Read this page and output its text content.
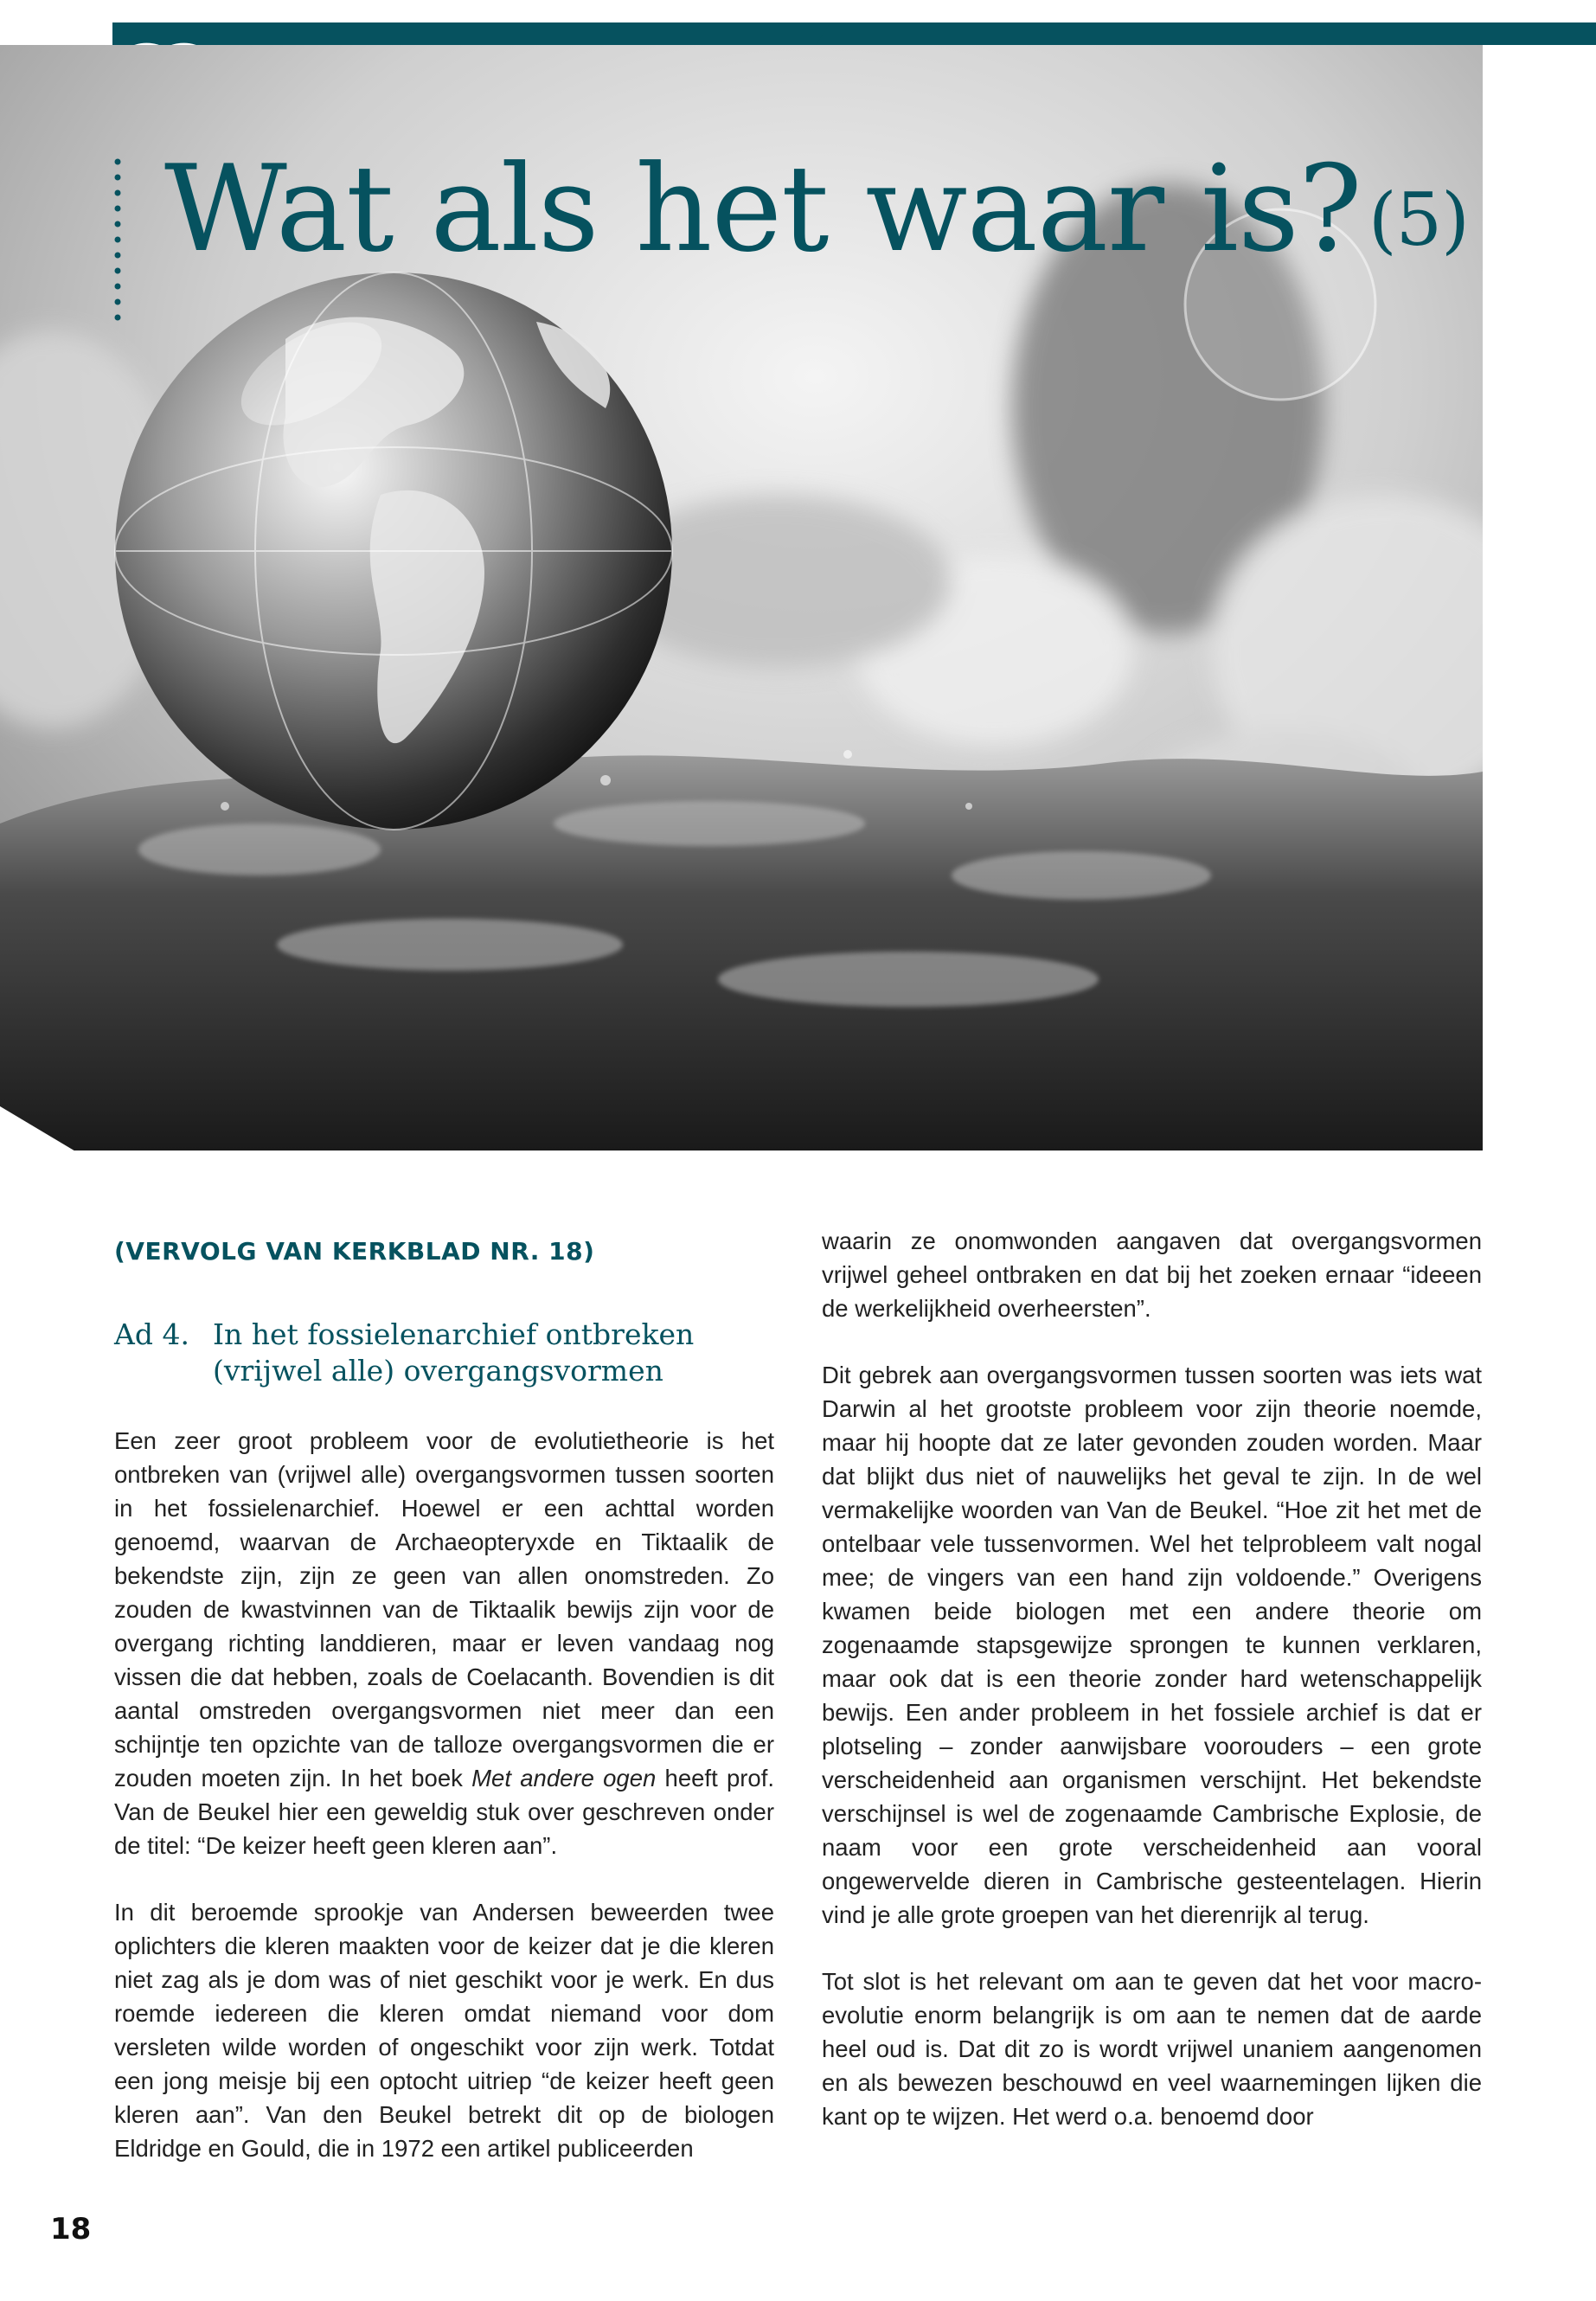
Wat als het waar is?(5)
(VERVOLG VAN KERKBLAD NR. 18)
Ad 4. In het fossielenarchief ontbreken
(vrijwel alle) overgangsvormen

Een zeer groot probleem voor de evolutietheorie is het ontbreken van (vrijwel alle) overgangsvormen tussen soorten in het fossielenarchief. Hoewel er een achttal worden genoemd, waarvan de Archaeopteryxde en Tiktaalik de bekendste zijn, zijn ze geen van allen onomstreden. Zo zouden de kwastvinnen van de Tiktaalik bewijs zijn voor de overgang richting landdieren, maar er leven vandaag nog vissen die dat hebben, zoals de Coelacanth. Bovendien is dit aantal omstreden overgangsvormen niet meer dan een schijntje ten opzichte van de talloze overgangsvormen die er zouden moeten zijn. In het boek Met andere ogen heeft prof. Van de Beukel hier een geweldig stuk over geschreven onder de titel: “De keizer heeft geen kleren aan”.

In dit beroemde sprookje van Andersen beweerden twee oplichters die kleren maakten voor de keizer dat je die kleren niet zag als je dom was of niet geschikt voor je werk. En dus roemde iedereen die kleren omdat niemand voor dom versleten wilde worden of ongeschikt voor zijn werk. Totdat een jong meisje bij een optocht uitriep “de keizer heeft geen kleren aan”. Van den Beukel betrekt dit op de biologen Eldridge en Gould, die in 1972 een artikel publiceerden

waarin ze onomwonden aangaven dat overgangsvormen vrijwel geheel ontbraken en dat bij het zoeken ernaar “ideeen de werkelijkheid overheersten”.

Dit gebrek aan overgangsvormen tussen soorten was iets wat Darwin al het grootste probleem voor zijn theorie noemde, maar hij hoopte dat ze later gevonden zouden worden. Maar dat blijkt dus niet of nauwelijks het geval te zijn. In de wel vermakelijke woorden van Van de Beukel. “Hoe zit het met de ontelbaar vele tussenvormen. Wel het telprobleem valt nogal mee; de vingers van een hand zijn voldoende.” Overigens kwamen beide biologen met een andere theorie om zogenaamde stapsgewijze sprongen te kunnen verklaren, maar ook dat is een theorie zonder hard wetenschappelijk bewijs. Een ander probleem in het fossiele archief is dat er plotseling – zonder aanwijsbare voorouders – een grote verscheidenheid aan organismen verschijnt. Het bekendste verschijnsel is wel de zogenaamde Cambrische Explosie, de naam voor een grote verscheidenheid aan vooral ongewervelde dieren in Cambrische gesteentelagen. Hierin vind je alle grote groepen van het dierenrijk al terug.

Tot slot is het relevant om aan te geven dat het voor macro-evolutie enorm belangrijk is om aan te nemen dat de aarde heel oud is. Dat dit zo is wordt vrijwel unaniem aangenomen en als bewezen beschouwd en veel waarnemingen lijken die kant op te wijzen. Het werd o.a. benoemd door

18
